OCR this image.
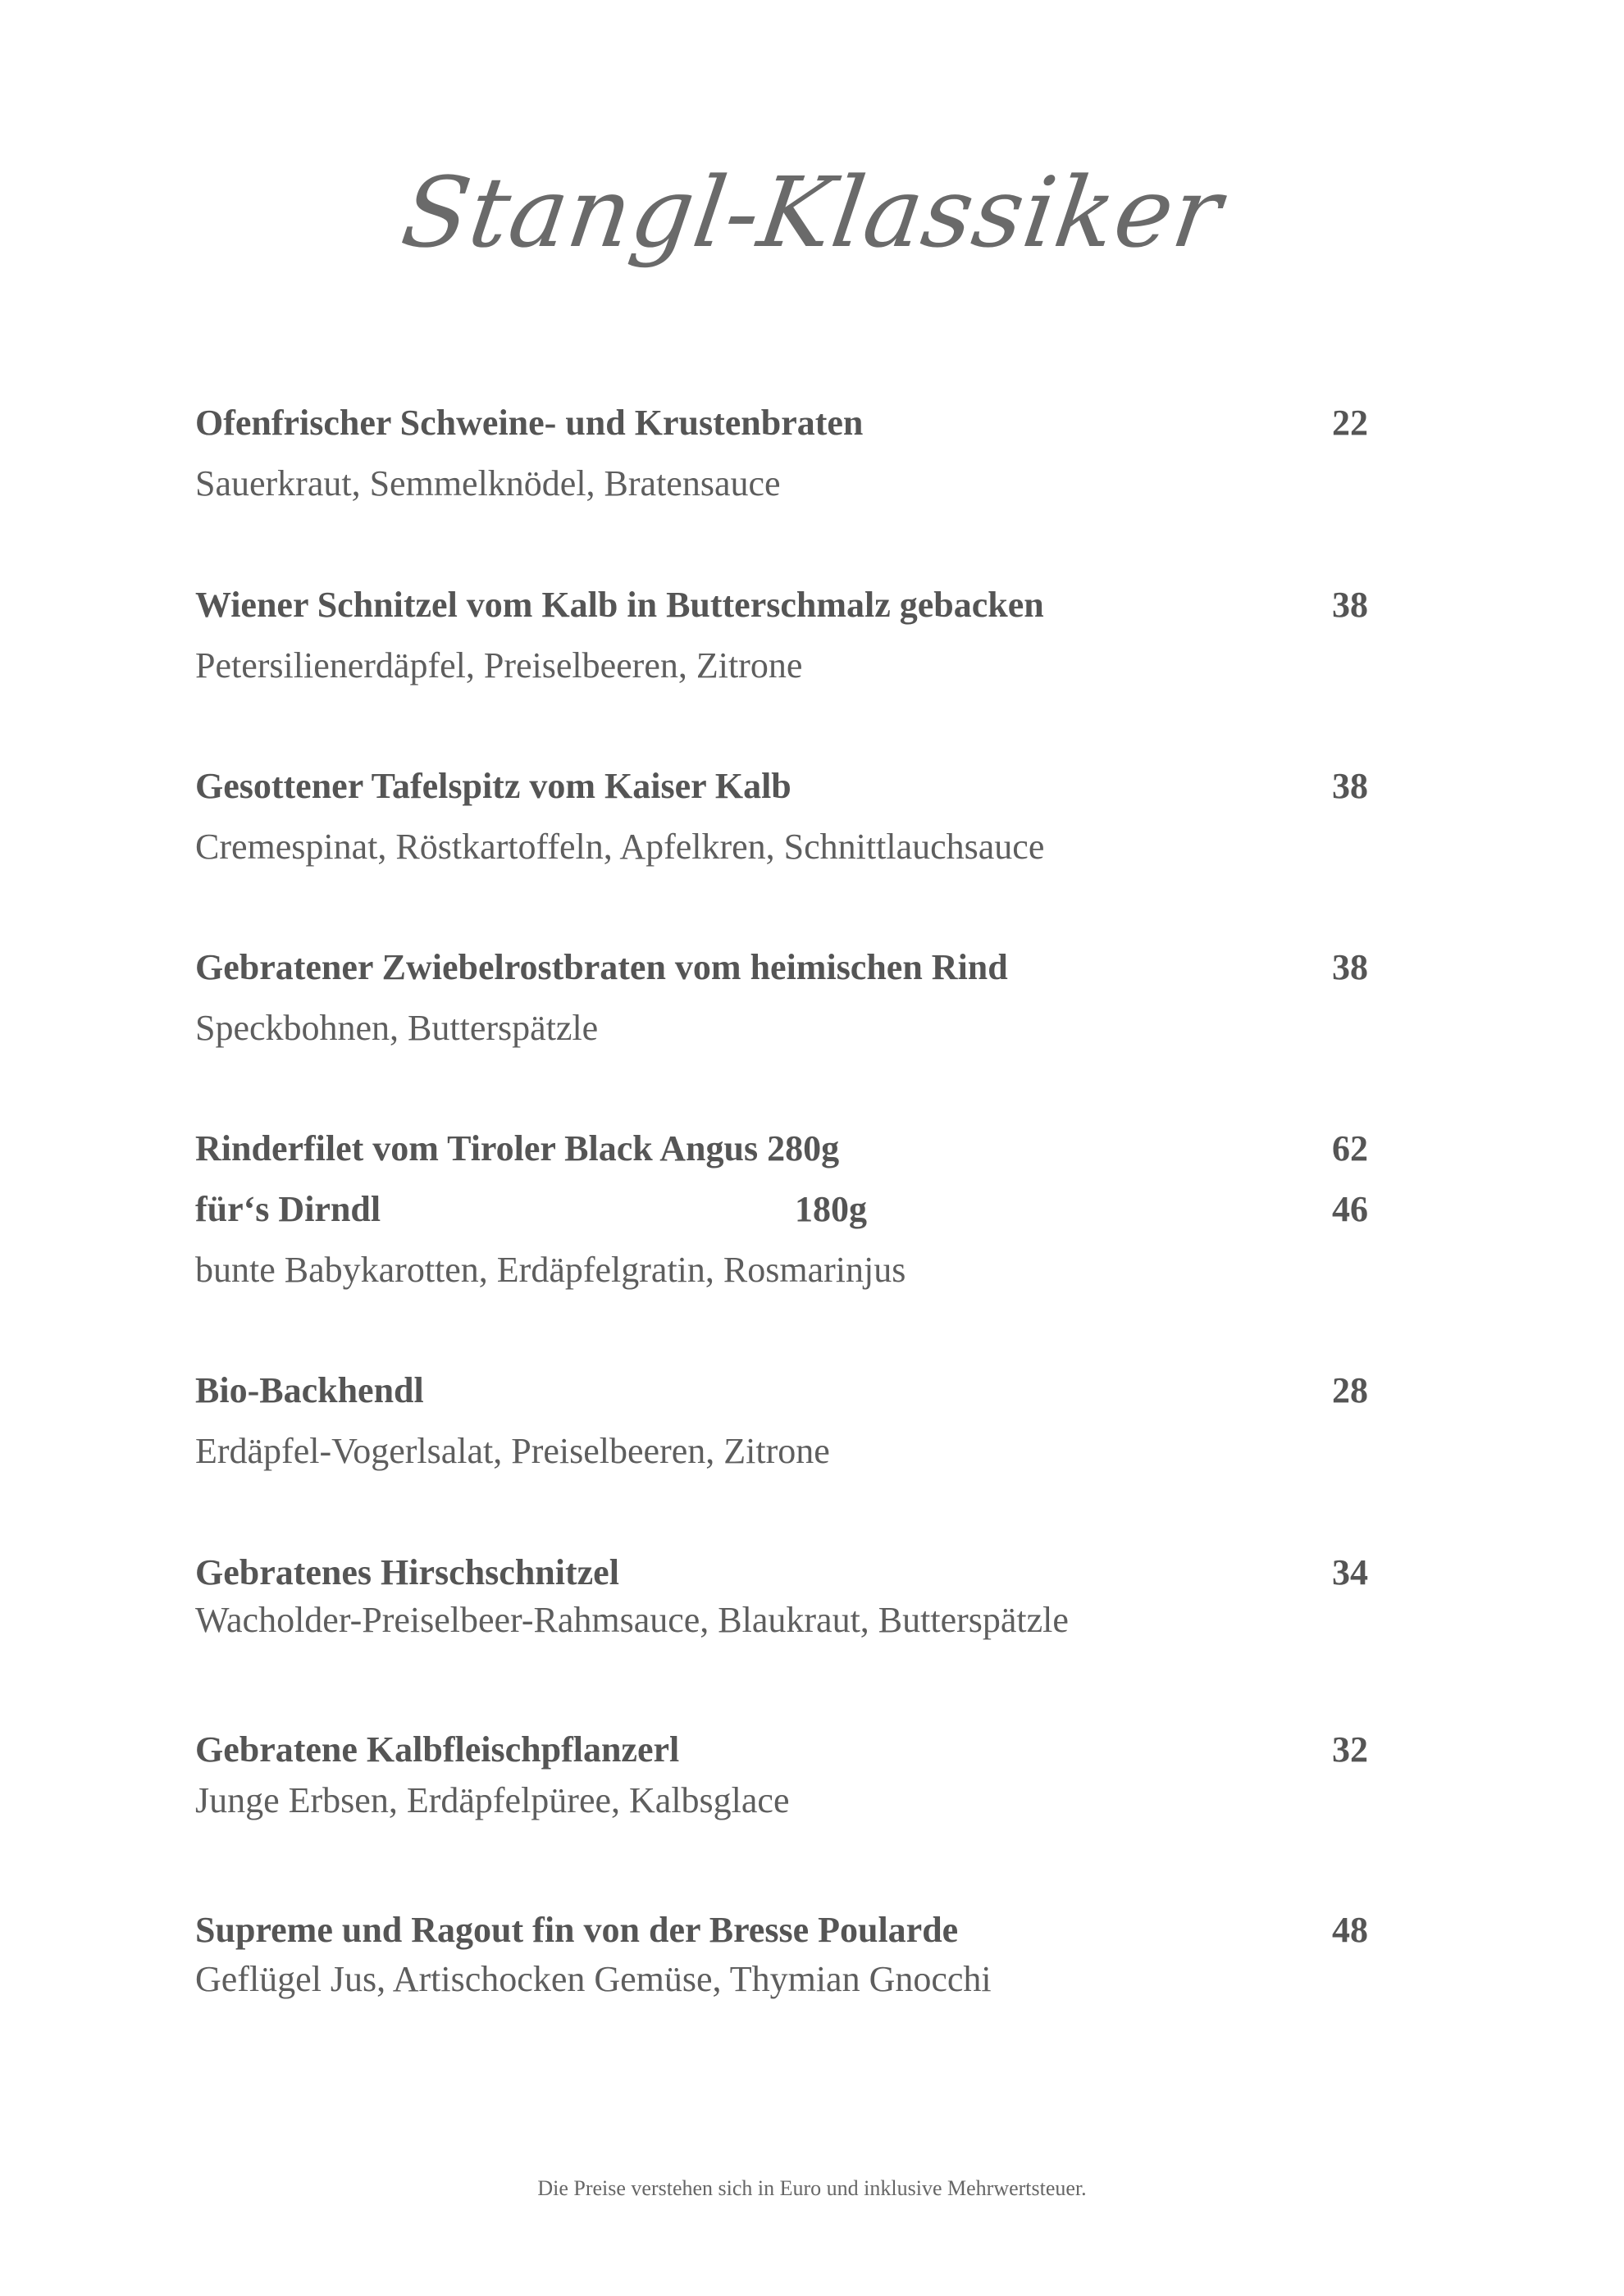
Stangl-Klassiker
Ofenfrischer Schweine- und Krustenbraten	22
Sauerkraut, Semmelknödel, Bratensauce
Wiener Schnitzel vom Kalb in Butterschmalz gebacken	38
Petersilienerdäpfel, Preiselbeeren, Zitrone
Gesottener Tafelspitz vom Kaiser Kalb	38
Cremespinat, Röstkartoffeln, Apfelkren, Schnittlauchsauce
Gebratener Zwiebelrostbraten vom heimischen Rind	38
Speckbohnen, Butterspätzle
Rinderfilet vom Tiroler Black Angus 280g	62
für‘s Dirndl	180g	46
bunte Babykarotten, Erdäpfelgratin, Rosmarinjus
Bio-Backhendl	28
Erdäpfel-Vogerlsalat, Preiselbeeren, Zitrone
Gebratenes Hirschschnitzel	34
Wacholder-Preiselbeer-Rahmsauce, Blaukraut, Butterspätzle
Gebratene Kalbfleischpflanzerl	32
Junge Erbsen, Erdäpfelpüree, Kalbsglace
Supreme und Ragout fin von der Bresse Poularde	48
Geflügel Jus, Artischocken Gemüse, Thymian Gnocchi
Die Preise verstehen sich in Euro und inklusive Mehrwertsteuer.
